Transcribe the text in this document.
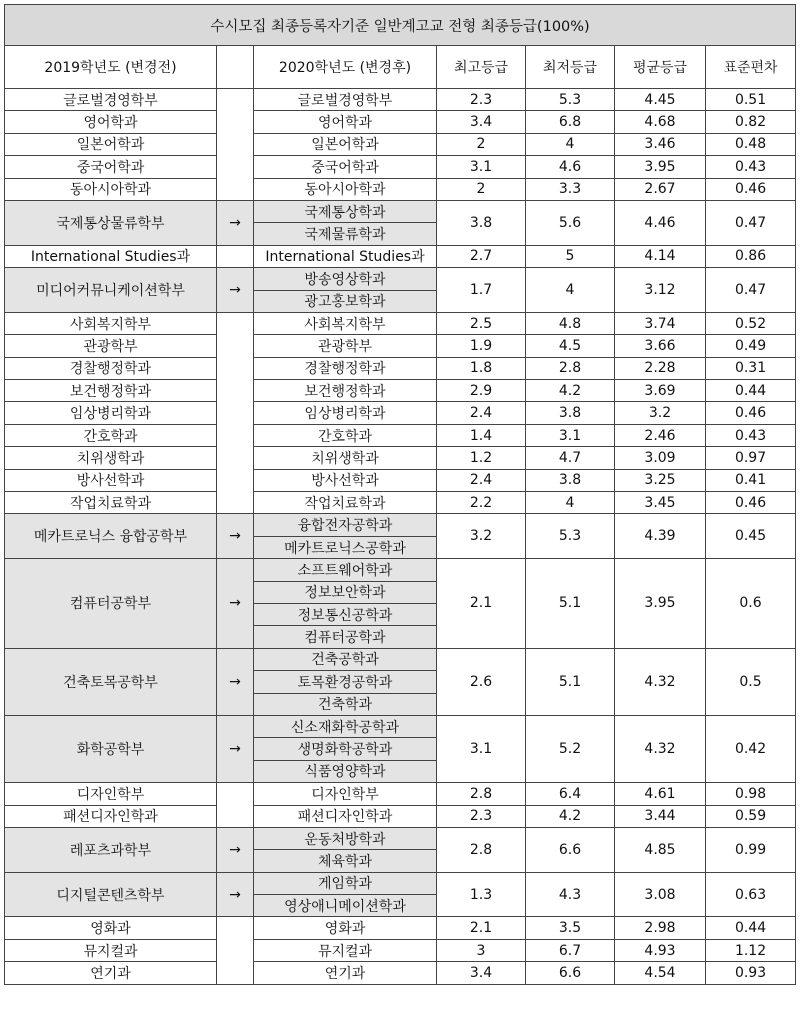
수시모집 최종등록자기준 일반계고교 전형 최종등급(100%)						
2019학년도 (변경전)		2020학년도 (변경후)	최고등급	최저등급	평균등급	표준편차
글로벌경영학부		글로벌경영학부	2.3	5.3	4.45	0.51
영어학과		영어학과	3.4	6.8	4.68	0.82
일본어학과		일본어학과	2	4	3.46	0.48
중국어학과		중국어학과	3.1	4.6	3.95	0.43
동아시아학과		동아시아학과	2	3.3	2.67	0.46
국제통상물류학부	→	국제통상학과	3.8	5.6	4.46	0.47
		국제물류학과				
International Studies과		International Studies과	2.7	5	4.14	0.86
미디어커뮤니케이션학부	→	방송영상학과	1.7	4	3.12	0.47
		광고홍보학과				
사회복지학부		사회복지학부	2.5	4.8	3.74	0.52
관광학부		관광학부	1.9	4.5	3.66	0.49
경찰행정학과		경찰행정학과	1.8	2.8	2.28	0.31
보건행정학과		보건행정학과	2.9	4.2	3.69	0.44
임상병리학과		임상병리학과	2.4	3.8	3.2	0.46
간호학과		간호학과	1.4	3.1	2.46	0.43
치위생학과		치위생학과	1.2	4.7	3.09	0.97
방사선학과		방사선학과	2.4	3.8	3.25	0.41
작업치료학과		작업치료학과	2.2	4	3.45	0.46
메카트로닉스 융합공학부	→	융합전자공학과	3.2	5.3	4.39	0.45
		메카트로닉스공학과				
컴퓨터공학부	→	소프트웨어학과	2.1	5.1	3.95	0.6
		정보보안학과				
		정보통신공학과				
		컴퓨터공학과				
건축토목공학부	→	건축공학과	2.6	5.1	4.32	0.5
		토목환경공학과				
		건축학과				
화학공학부	→	신소재화학공학과	3.1	5.2	4.32	0.42
		생명화학공학과				
		식품영양학과				
디자인학부		디자인학부	2.8	6.4	4.61	0.98
패션디자인학과		패션디자인학과	2.3	4.2	3.44	0.59
레포츠과학부	→	운동처방학과	2.8	6.6	4.85	0.99
		체육학과				
디지털콘텐츠학부	→	게임학과	1.3	4.3	3.08	0.63
		영상애니메이션학과				
영화과		영화과	2.1	3.5	2.98	0.44
뮤지컬과		뮤지컬과	3	6.7	4.93	1.12
연기과		연기과	3.4	6.6	4.54	0.93
